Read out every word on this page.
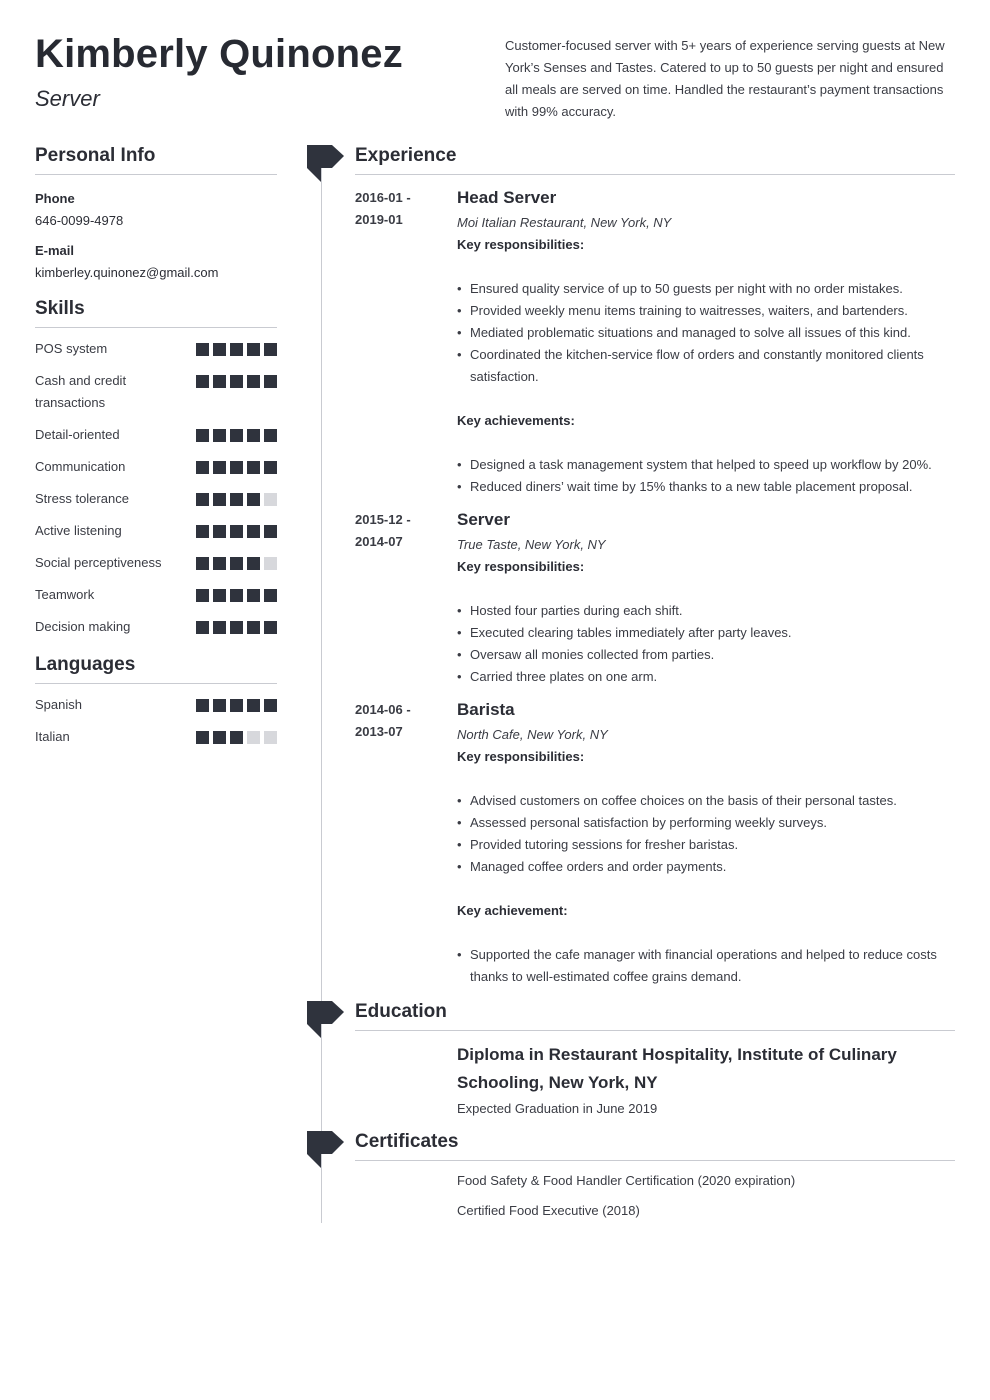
Kimberly Quinonez
Server
Customer-focused server with 5+ years of experience serving guests at New York’s Senses and Tastes. Catered to up to 50 guests per night and ensured all meals are served on time. Handled the restaurant’s payment transactions with 99% accuracy.
Personal Info
Phone
646-0099-4978
E-mail
kimberley.quinonez@gmail.com
Skills
POS system
Cash and credit transactions
Detail-oriented
Communication
Stress tolerance
Active listening
Social perceptiveness
Teamwork
Decision making
Languages
Spanish
Italian
Experience
2016-01 -
2019-01
Head Server
Moi Italian Restaurant, New York, NY
Key responsibilities:
• Ensured quality service of up to 50 guests per night with no order mistakes.
• Provided weekly menu items training to waitresses, waiters, and bartenders.
• Mediated problematic situations and managed to solve all issues of this kind.
• Coordinated the kitchen-service flow of orders and constantly monitored clients satisfaction.
Key achievements:
• Designed a task management system that helped to speed up workflow by 20%.
• Reduced diners’ wait time by 15% thanks to a new table placement proposal.
2015-12 -
2014-07
Server
True Taste, New York, NY
Key responsibilities:
• Hosted four parties during each shift.
• Executed clearing tables immediately after party leaves.
• Oversaw all monies collected from parties.
• Carried three plates on one arm.
2014-06 -
2013-07
Barista
North Cafe, New York, NY
Key responsibilities:
• Advised customers on coffee choices on the basis of their personal tastes.
• Assessed personal satisfaction by performing weekly surveys.
• Provided tutoring sessions for fresher baristas.
• Managed coffee orders and order payments.
Key achievement:
• Supported the cafe manager with financial operations and helped to reduce costs thanks to well-estimated coffee grains demand.
Education
Diploma in Restaurant Hospitality, Institute of Culinary Schooling, New York, NY
Expected Graduation in June 2019
Certificates
Food Safety & Food Handler Certification (2020 expiration)
Certified Food Executive (2018)
